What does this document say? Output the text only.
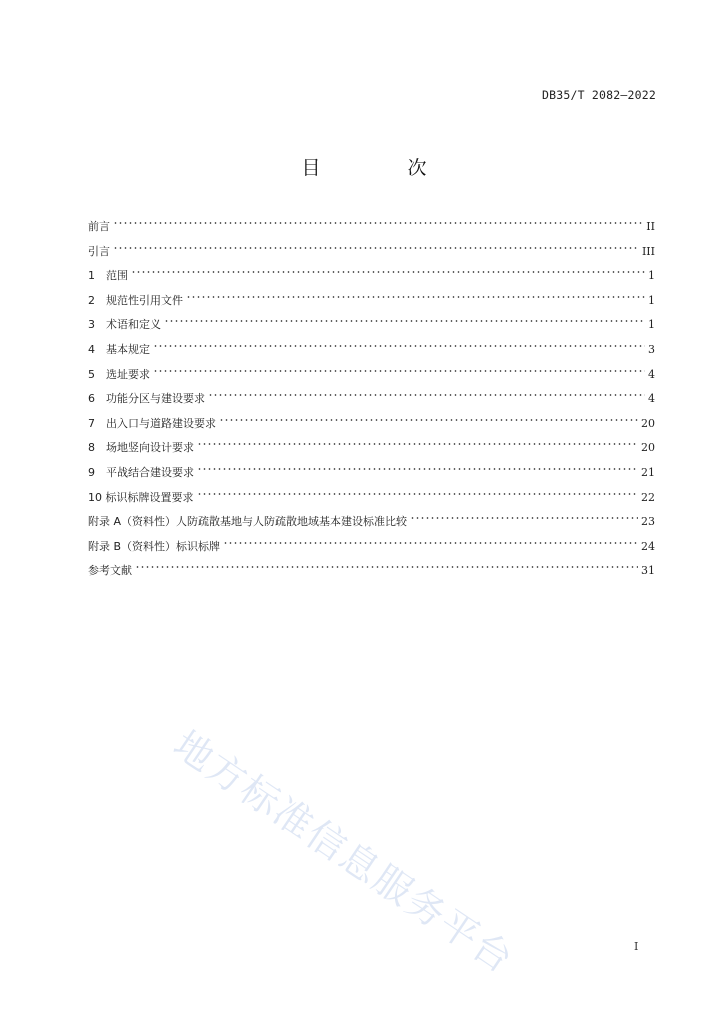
DB35/T 2082—2022
目　次
前言	II
引言	III
1　范围	1
2　规范性引用文件	1
3　术语和定义	1
4　基本规定	3
5　选址要求	4
6　功能分区与建设要求	4
7　出入口与道路建设要求	20
8　场地竖向设计要求	20
9　平战结合建设要求	21
10 标识标牌设置要求	22
附录 A（资料性）人防疏散基地与人防疏散地域基本建设标准比较	23
附录 B（资料性）标识标牌	24
参考文献	31
地方标准信息服务平台	I
